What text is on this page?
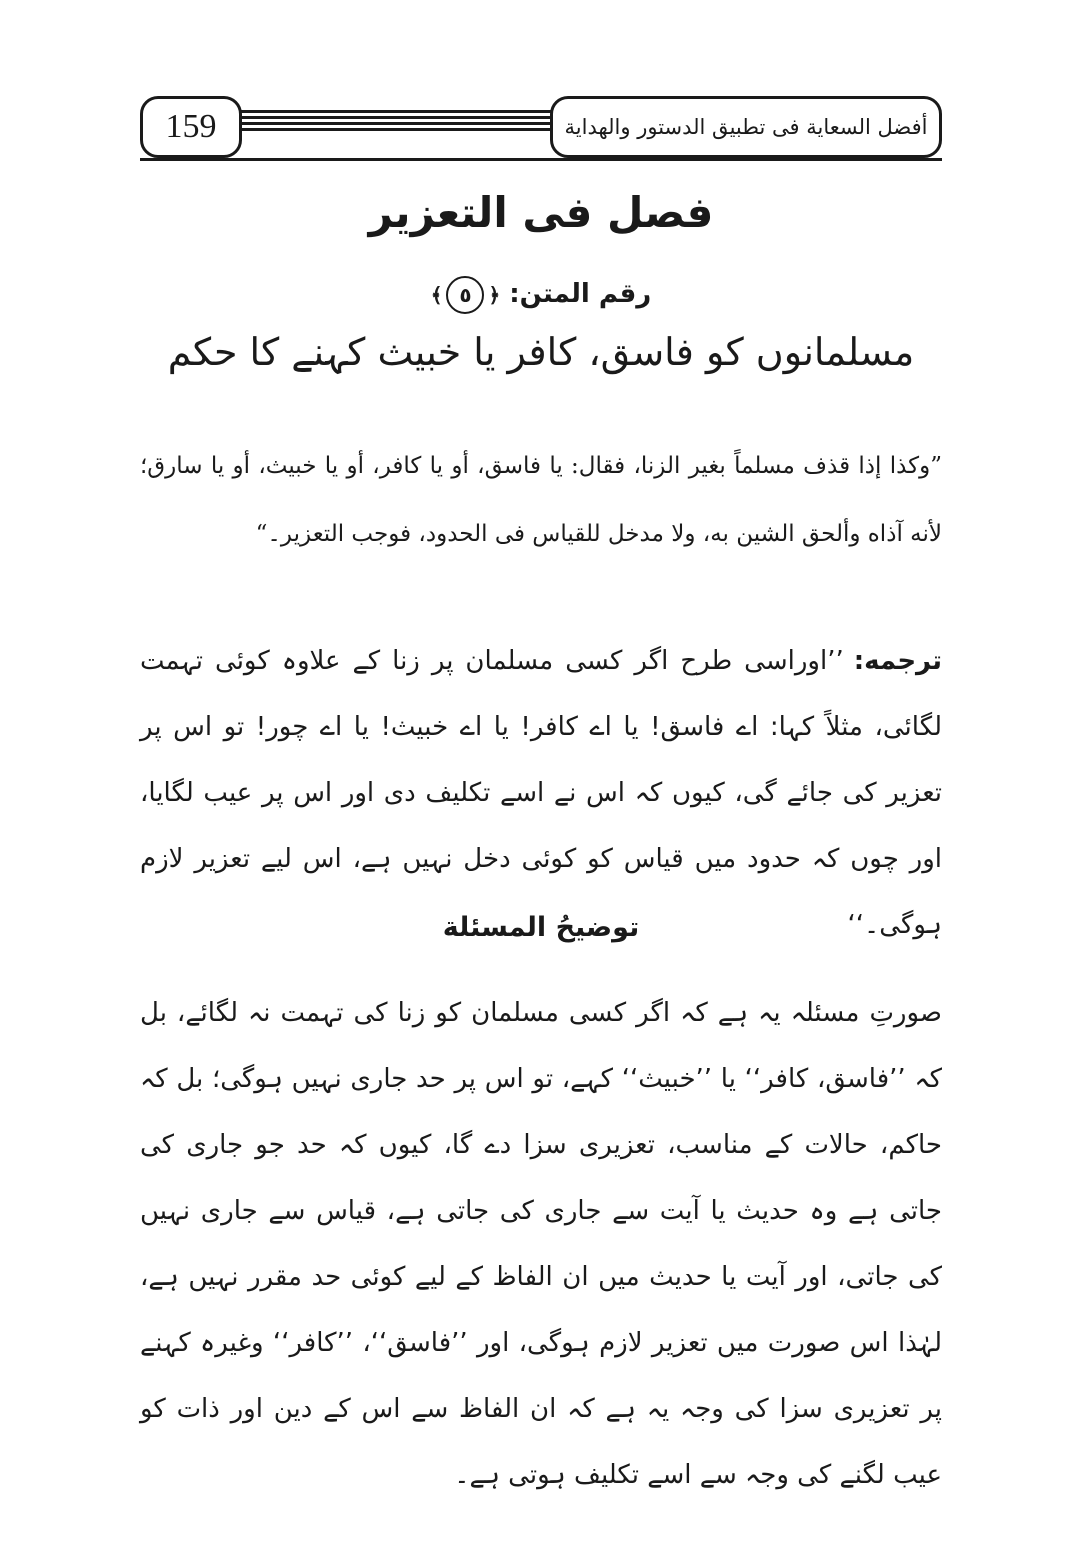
159	أفضل السعاية فى تطبيق الدستور والهداية
فصل فى التعزير
رقم المتن: ﴿٥﴾
مسلمانوں کو فاسق، کافر یا خبیث کہنے کا حکم

”وكذا إذا قذف مسلماً بغير الزنا، فقال: يا فاسق، أو يا كافر، أو يا خبيث، أو يا سارق؛ لأنه آذاه وألحق الشين به، ولا مدخل للقياس فى الحدود، فوجب التعزير۔“

ترجمه:’’اوراسی طرح اگر کسی مسلمان پر زنا کے علاوہ کوئی تہمت لگائی، مثلاً کہا: اے فاسق! یا اے کافر! یا اے خبیث! یا اے چور! تو اس پر تعزیر کی جائے گی، کیوں کہ اس نے اسے تکلیف دی اور اس پر عیب لگایا، اور چوں کہ حدود میں قیاس کو کوئی دخل نہیں ہے، اس لیے تعزیر لازم ہوگی۔‘‘

توضيحُ المسئلة

صورتِ مسئلہ یہ ہے کہ اگر کسی مسلمان کو زنا کی تہمت نہ لگائے، بل کہ ’’فاسق، کافر‘‘ یا ’’خبیث‘‘ کہے، تو اس پر حد جاری نہیں ہوگی؛ بل کہ حاکم، حالات کے مناسب، تعزیری سزا دے گا، کیوں کہ حد جو جاری کی جاتی ہے وہ حدیث یا آیت سے جاری کی جاتی ہے، قیاس سے جاری نہیں کی جاتی، اور آیت یا حدیث میں ان الفاظ کے لیے کوئی حد مقرر نہیں ہے، لہٰذا اس صورت میں تعزیر لازم ہوگی، اور ’’فاسق‘‘، ’’کافر‘‘ وغیرہ کہنے پر تعزیری سزا کی وجہ یہ ہے کہ ان الفاظ سے اس کے دین اور ذات کو عیب لگنے کی وجہ سے اسے تکلیف ہوتی ہے۔
